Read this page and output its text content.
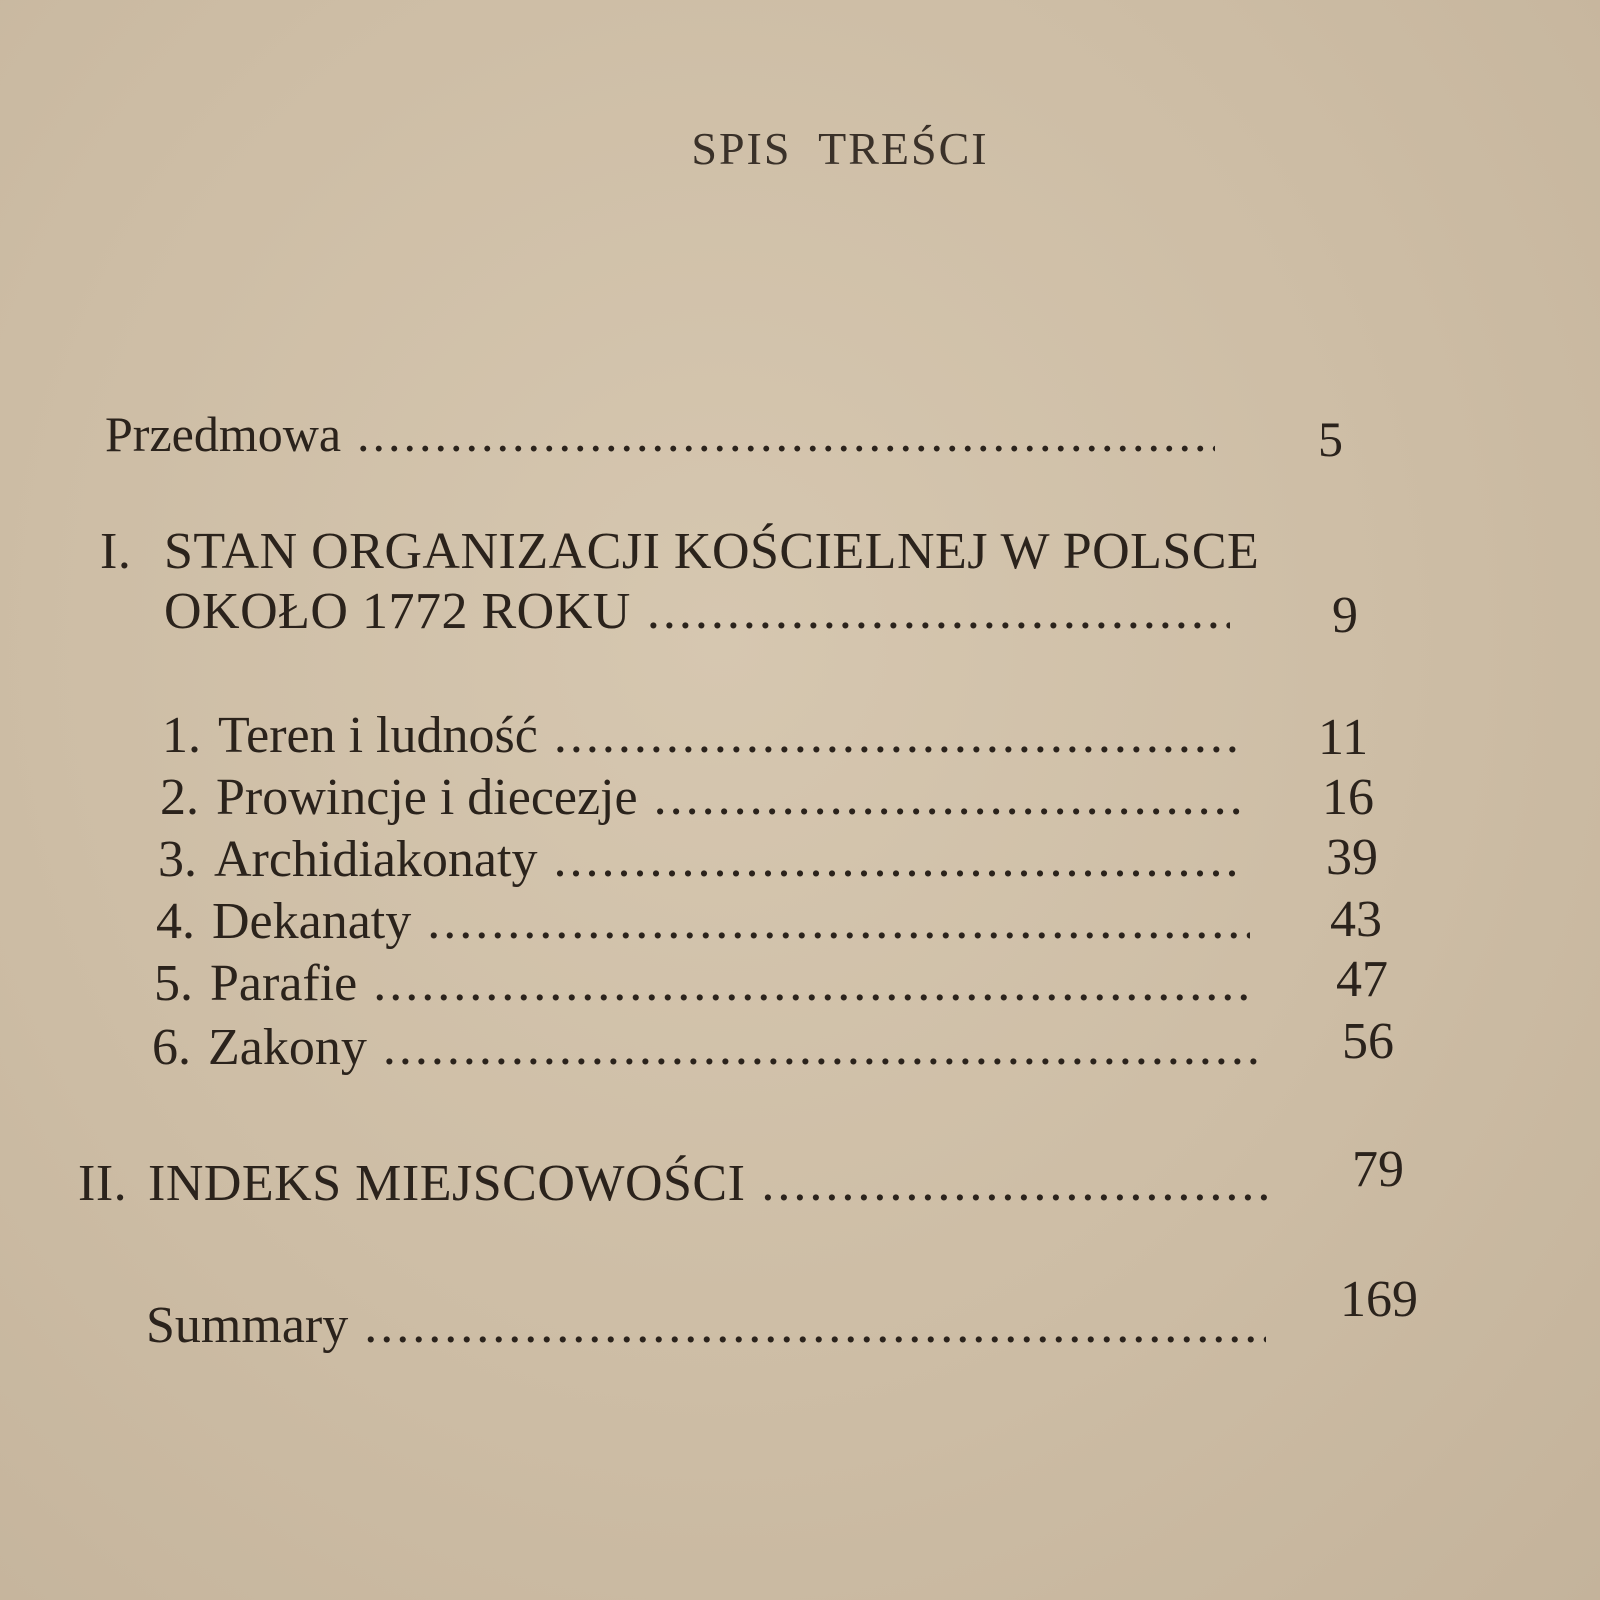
SPIS TREŚCI
Przedmowa .....	5
I. STAN ORGANIZACJI KOŚCIELNEJ W POLSCE
OKOŁO 1772 ROKU .....	9
1. Teren i ludność .....	11
2. Prowincje i diecezje .....	16
3. Archidiakonaty .....	39
4. Dekanaty .....	43
5. Parafie .....	47
6. Zakony .....	56
II. INDEKS MIEJSCOWOŚCI .....	79
Summary .....	169
